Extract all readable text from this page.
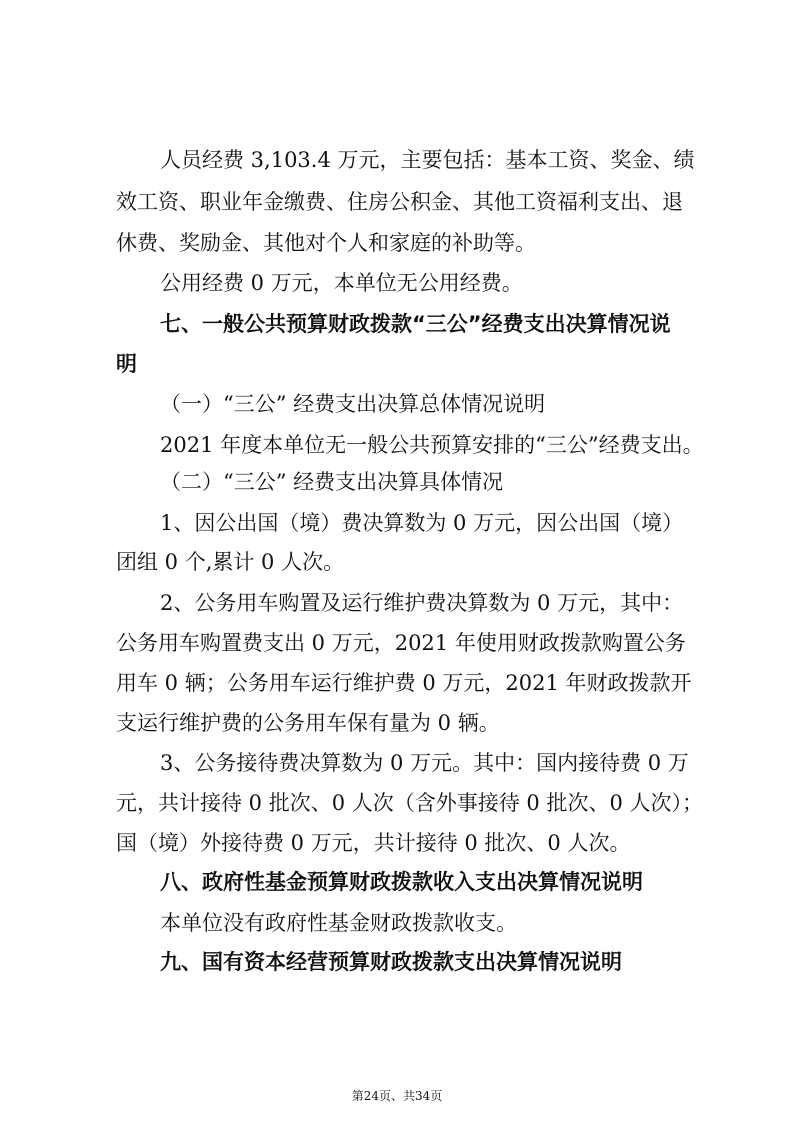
人员经费 3,103.4 万元，主要包括：基本工资、奖金、绩
效工资、职业年金缴费、住房公积金、其他工资福利支出、退
休费、奖励金、其他对个人和家庭的补助等。
公用经费 0 万元，本单位无公用经费。
七、一般公共预算财政拨款“三公”经费支出决算情况说
明
（一）“三公” 经费支出决算总体情况说明
2021 年度本单位无一般公共预算安排的“三公”经费支出。
（二）“三公” 经费支出决算具体情况
1、因公出国（境）费决算数为 0 万元，因公出国（境）
团组 0 个,累计 0 人次。
2、公务用车购置及运行维护费决算数为 0 万元，其中：
公务用车购置费支出 0 万元，2021 年使用财政拨款购置公务
用车 0 辆；公务用车运行维护费 0 万元，2021 年财政拨款开
支运行维护费的公务用车保有量为 0 辆。
3、公务接待费决算数为 0 万元。其中：国内接待费 0 万
元，共计接待 0 批次、0 人次（含外事接待 0 批次、0 人次）；
国（境）外接待费 0 万元，共计接待 0 批次、0 人次。
八、政府性基金预算财政拨款收入支出决算情况说明
本单位没有政府性基金财政拨款收支。
九、国有资本经营预算财政拨款支出决算情况说明
第24页、共34页
